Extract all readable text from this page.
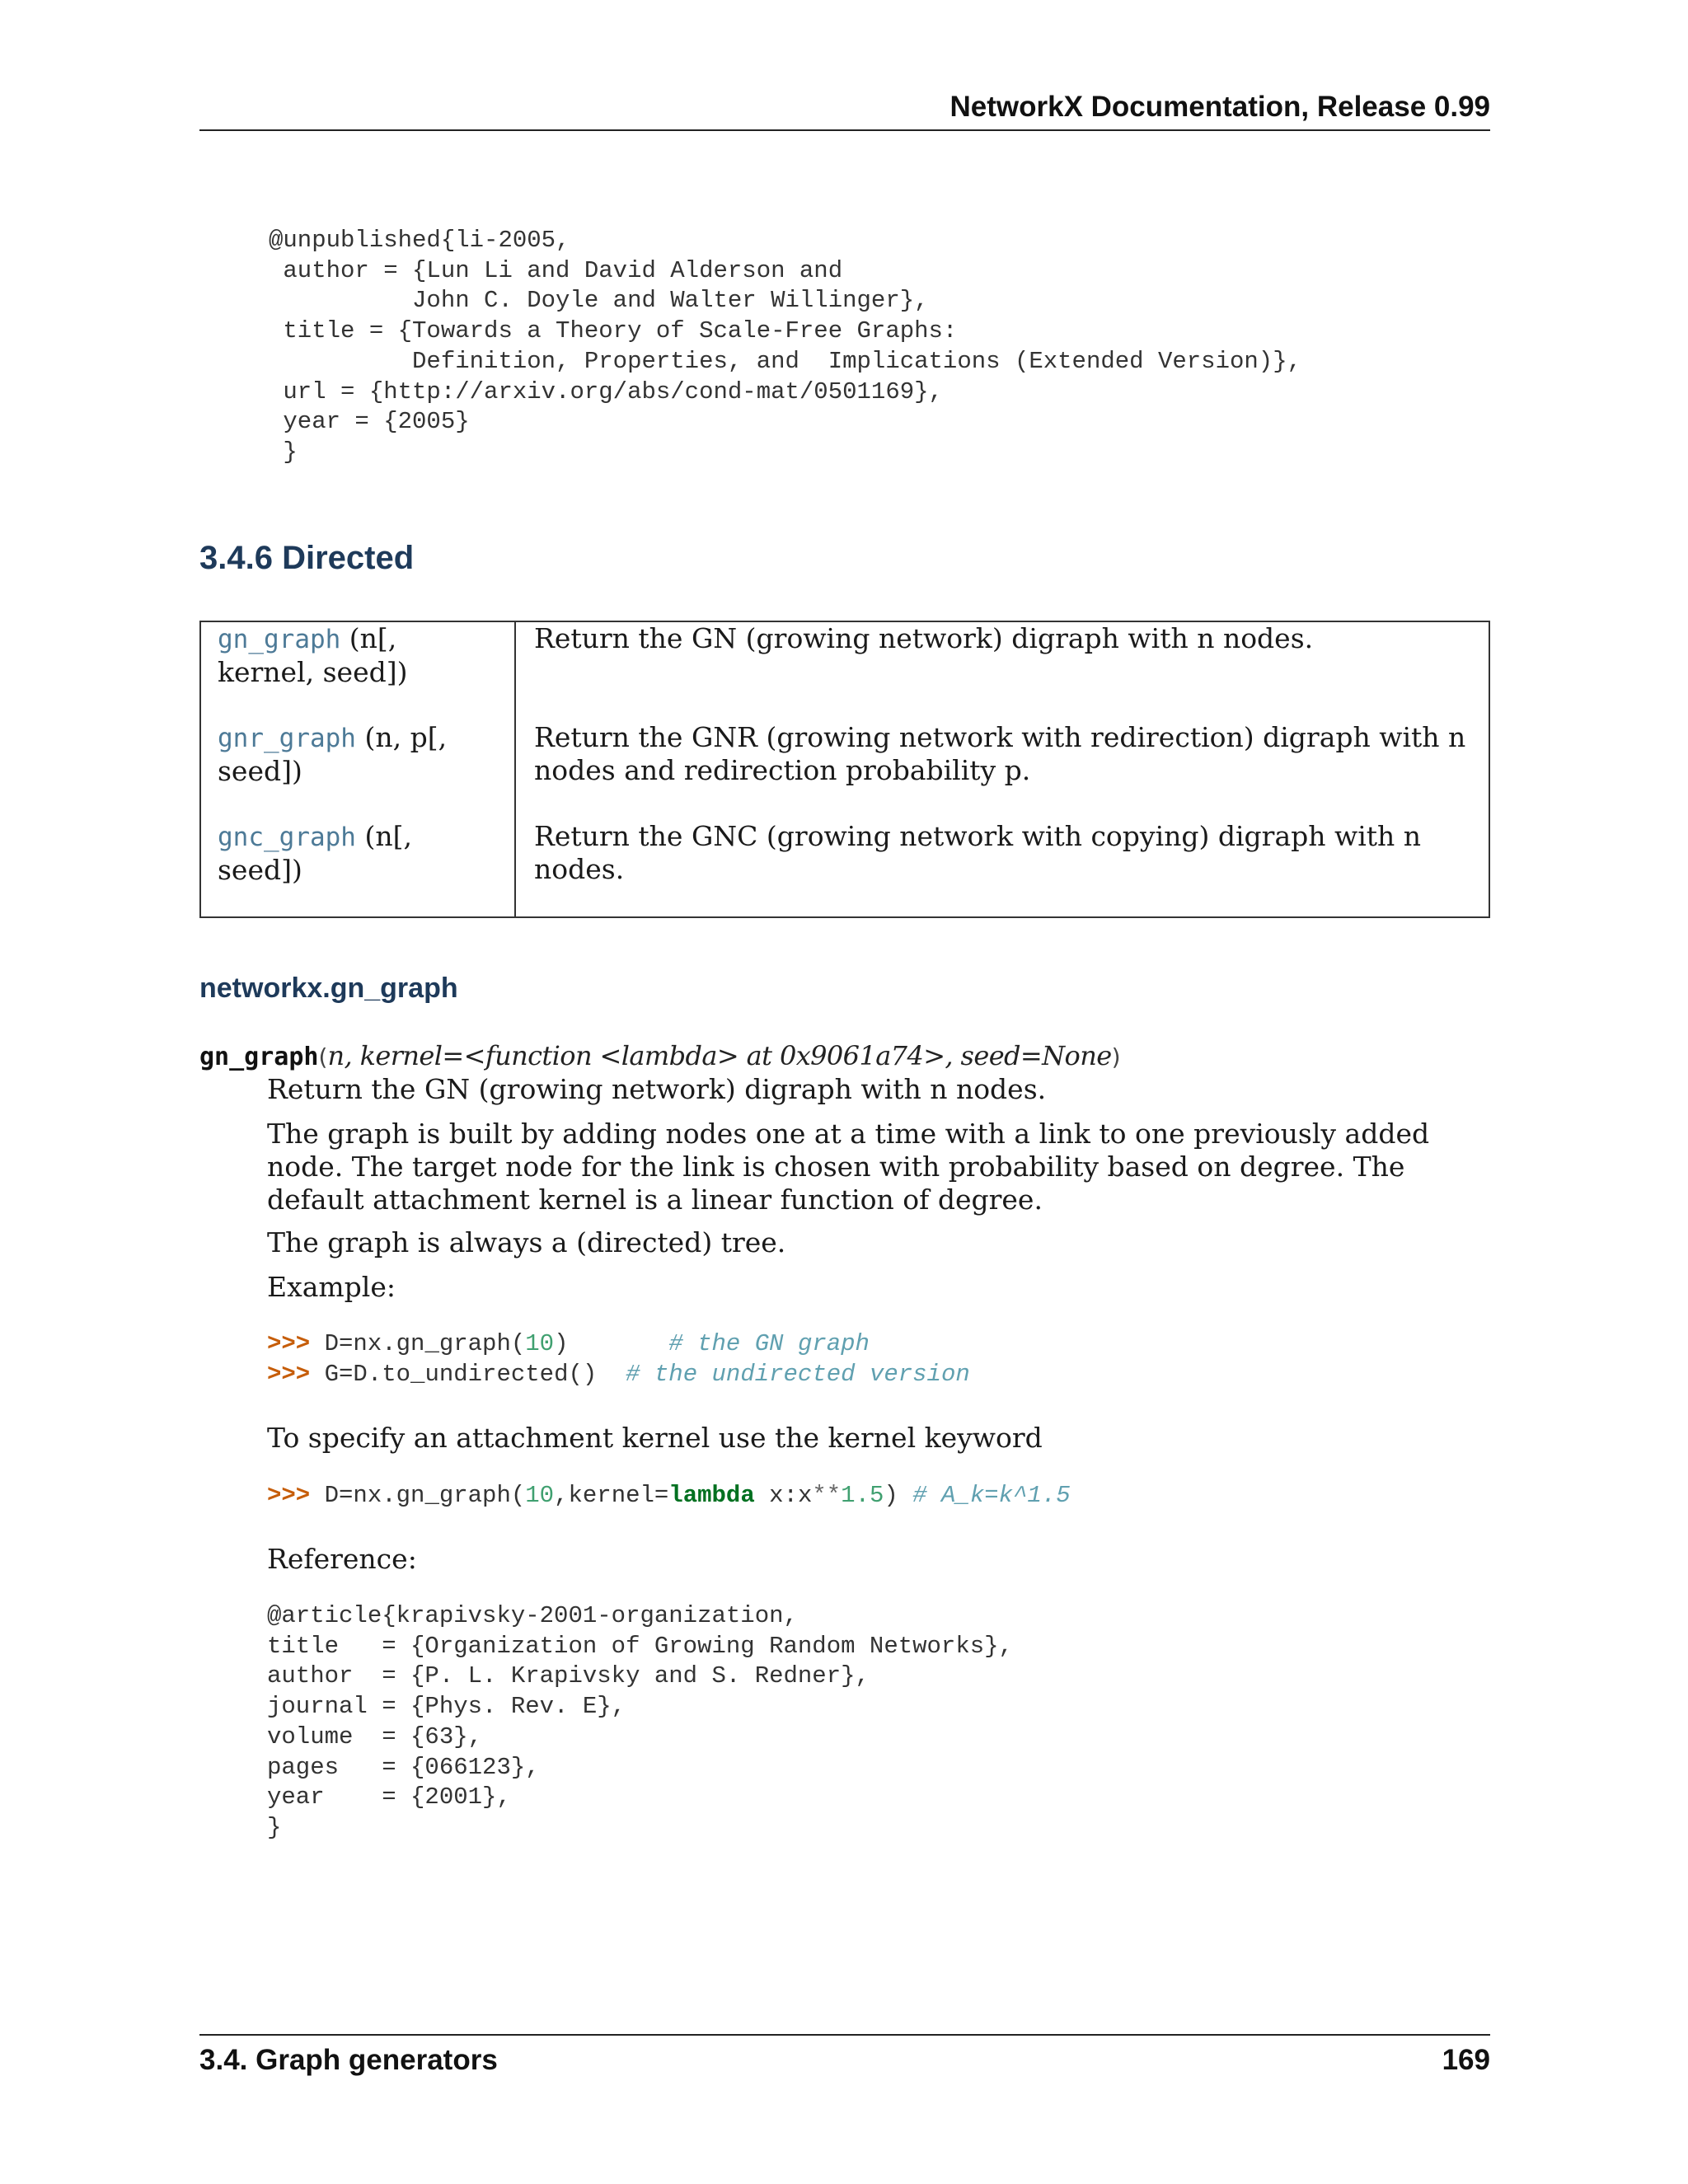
NetworkX Documentation, Release 0.99
@unpublished{li-2005,
author = {Lun Li and David Alderson and
John C. Doyle and Walter Willinger},
title = {Towards a Theory of Scale-Free Graphs:
Definition, Properties, and  Implications (Extended Version)},
url = {http://arxiv.org/abs/cond-mat/0501169},
year = {2005}
}
3.4.6 Directed
gn_graph (n[,
kernel, seed])	Return the GN (growing network) digraph with n nodes.
gnr_graph (n, p[,
seed])	Return the GNR (growing network with redirection) digraph with n nodes and redirection probability p.
gnc_graph (n[,
seed])	Return the GNC (growing network with copying) digraph with n nodes.
networkx.gn_graph
gn_graph(n, kernel=<function <lambda> at 0x9061a74>, seed=None)

Return the GN (growing network) digraph with n nodes.

The graph is built by adding nodes one at a time with a link to one previously added node. The target node for the link is chosen with probability based on degree. The default attachment kernel is a linear function of degree.

The graph is always a (directed) tree.

Example:

>>> D=nx.gn_graph(10)       # the GN graph
>>> G=D.to_undirected()  # the undirected version

To specify an attachment kernel use the kernel keyword

>>> D=nx.gn_graph(10,kernel=lambda x:x**1.5) # A_k=k^1.5

Reference:

@article{krapivsky-2001-organization,
title   = {Organization of Growing Random Networks},
author  = {P. L. Krapivsky and S. Redner},
journal = {Phys. Rev. E},
volume  = {63},
pages   = {066123},
year    = {2001},
}
3.4. Graph generators	169
